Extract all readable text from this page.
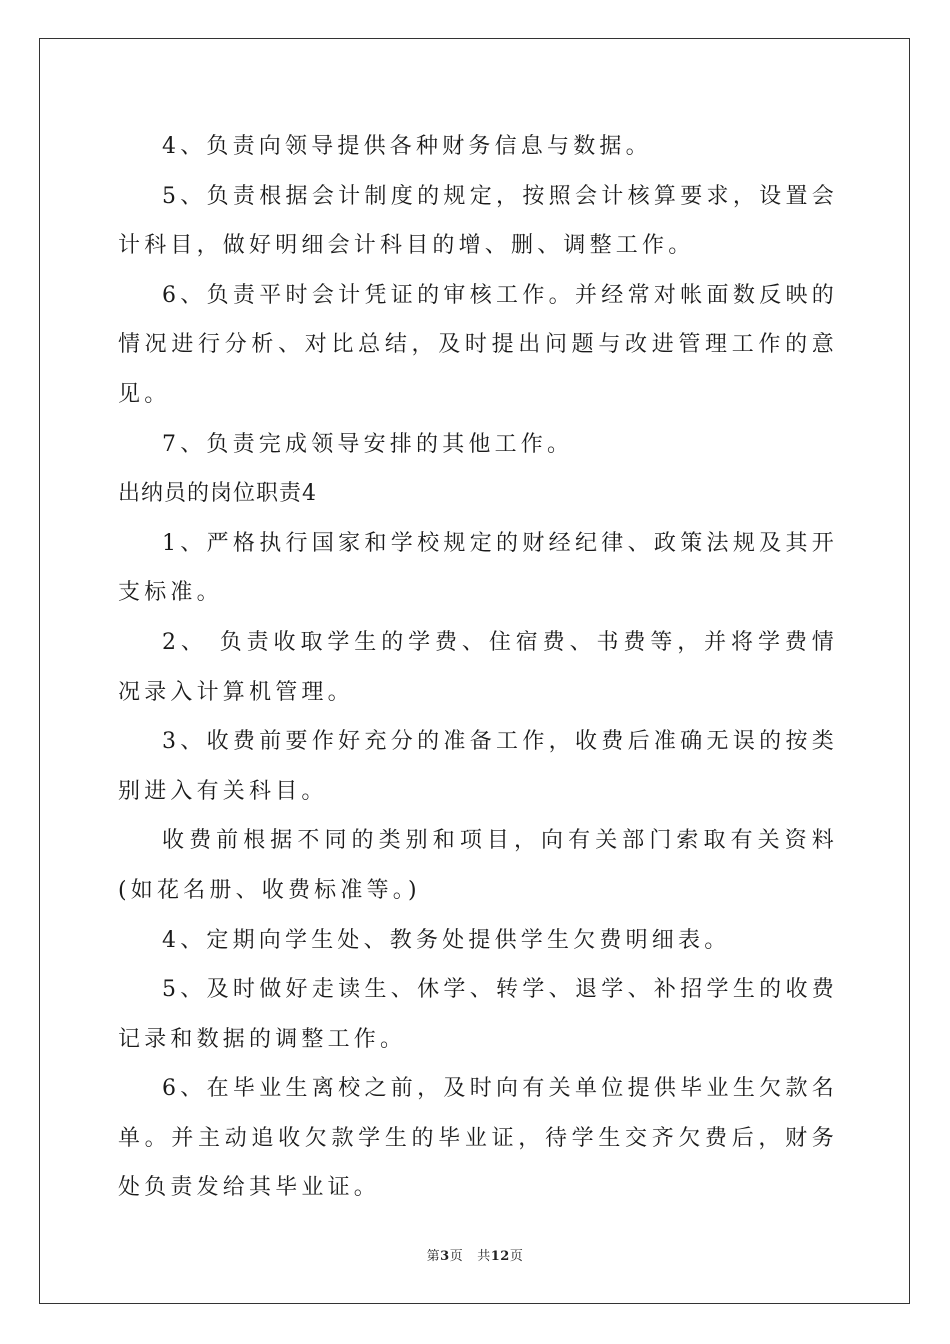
4、负责向领导提供各种财务信息与数据。

5、负责根据会计制度的规定，按照会计核算要求，设置会计科目，做好明细会计科目的增、删、调整工作。

6、负责平时会计凭证的审核工作。并经常对帐面数反映的情况进行分析、对比总结，及时提出问题与改进管理工作的意见。

7、负责完成领导安排的其他工作。

出纳员的岗位职责4

1、严格执行国家和学校规定的财经纪律、政策法规及其开支标准。

2、 负责收取学生的学费、住宿费、书费等，并将学费情况录入计算机管理。

3、收费前要作好充分的准备工作，收费后准确无误的按类别进入有关科目。

收费前根据不同的类别和项目，向有关部门索取有关资料(如花名册、收费标准等。)

4、定期向学生处、教务处提供学生欠费明细表。

5、及时做好走读生、休学、转学、退学、补招学生的收费记录和数据的调整工作。

6、在毕业生离校之前，及时向有关单位提供毕业生欠款名单。并主动追收欠款学生的毕业证，待学生交齐欠费后，财务处负责发给其毕业证。

第3页 共12页
